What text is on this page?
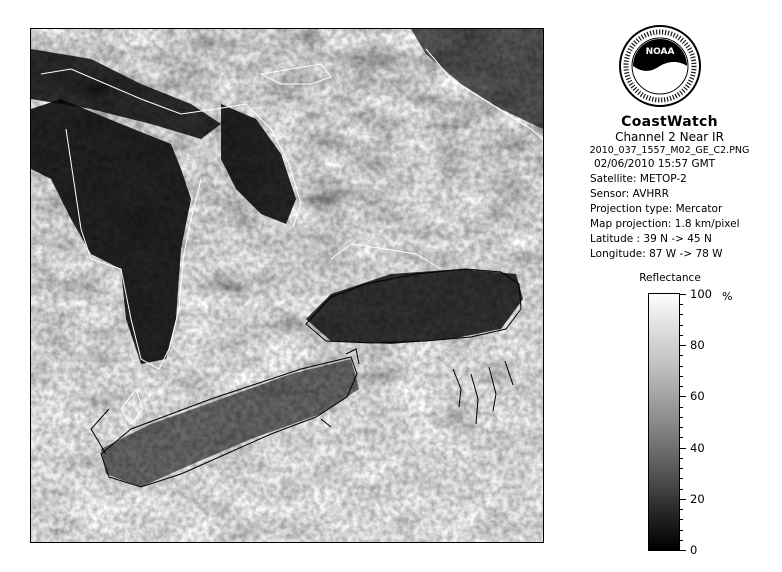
NOAA
CoastWatch
Channel 2 Near IR
2010_037_1557_M02_GE_C2.PNG
02/06/2010 15:57 GMT
Satellite: METOP-2
Sensor: AVHRR
Projection type: Mercator
Map projection: 1.8 km/pixel
Latitude : 39 N -> 45 N
Longitude: 87 W -> 78 W
Reflectance
%
100
80
60
40
20
0
